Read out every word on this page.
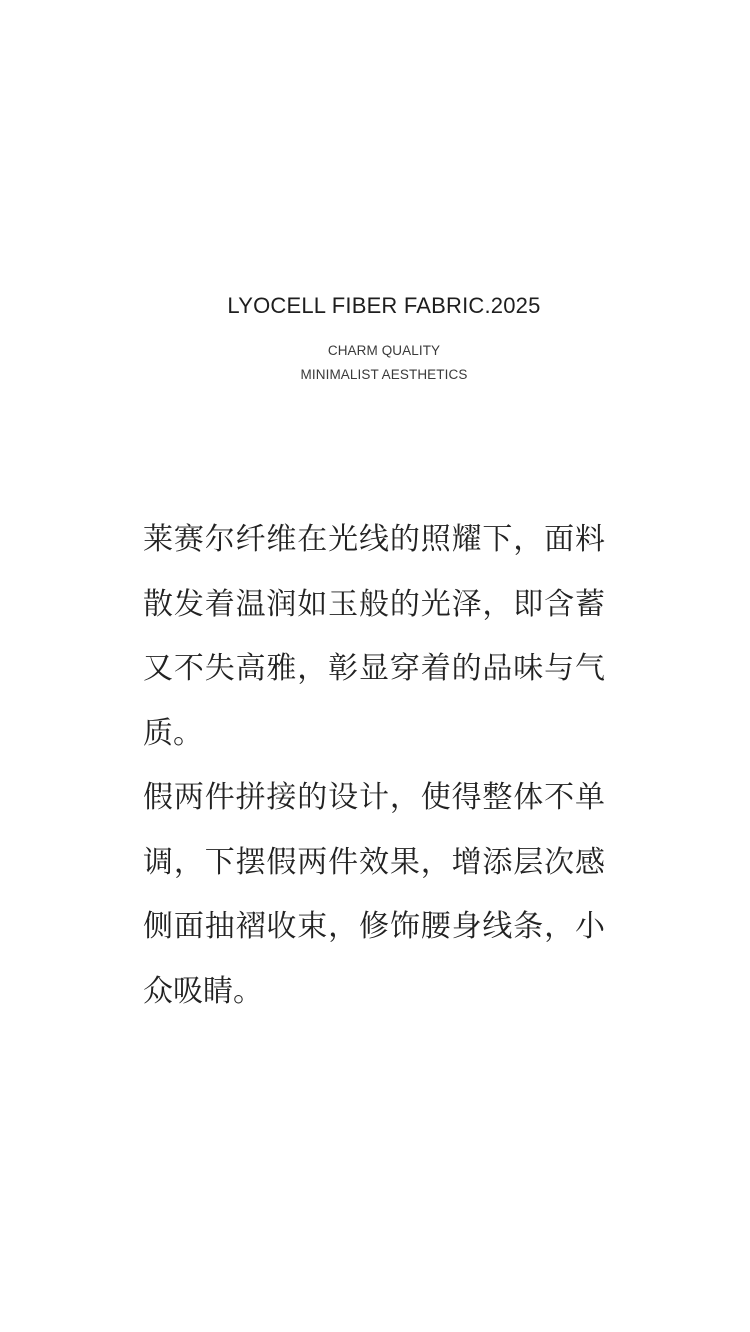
LYOCELL FIBER FABRIC.2025
CHARM QUALITY
MINIMALIST AESTHETICS

莱赛尔纤维在光线的照耀下，面料散发着温润如玉般的光泽，即含蓄又不失高雅，彰显穿着的品味与气质。

假两件拼接的设计，使得整体不单调，下摆假两件效果，增添层次感侧面抽褶收束，修饰腰身线条，小众吸睛。
